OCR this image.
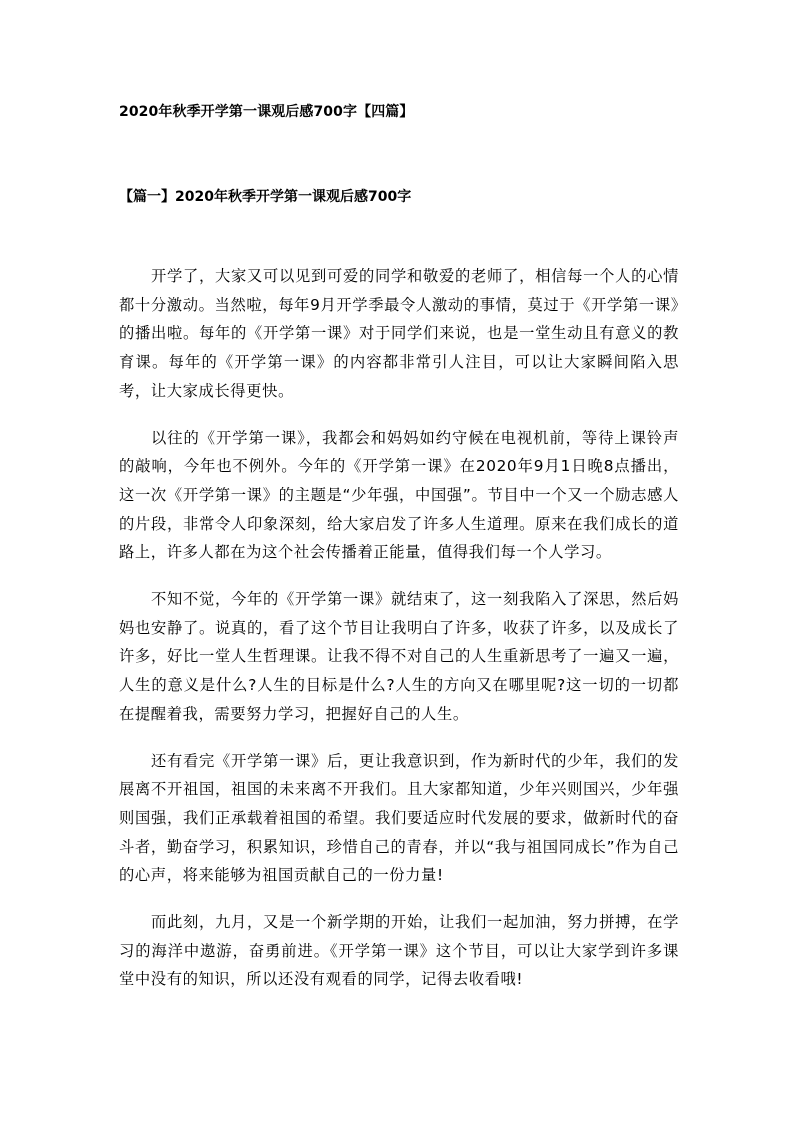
2020年秋季开学第一课观后感700字【四篇】
【篇一】2020年秋季开学第一课观后感700字

开学了，大家又可以见到可爱的同学和敬爱的老师了，相信每一个人的心情都十分激动。当然啦，每年9月开学季最令人激动的事情，莫过于《开学第一课》的播出啦。每年的《开学第一课》对于同学们来说，也是一堂生动且有意义的教育课。每年的《开学第一课》的内容都非常引人注目，可以让大家瞬间陷入思考，让大家成长得更快。

以往的《开学第一课》，我都会和妈妈如约守候在电视机前，等待上课铃声的敲响，今年也不例外。今年的《开学第一课》在2020年9月1日晚8点播出，这一次《开学第一课》的主题是“少年强，中国强”。节目中一个又一个励志感人的片段，非常令人印象深刻，给大家启发了许多人生道理。原来在我们成长的道路上，许多人都在为这个社会传播着正能量，值得我们每一个人学习。

不知不觉，今年的《开学第一课》就结束了，这一刻我陷入了深思，然后妈妈也安静了。说真的，看了这个节目让我明白了许多，收获了许多，以及成长了许多，好比一堂人生哲理课。让我不得不对自己的人生重新思考了一遍又一遍，人生的意义是什么?人生的目标是什么?人生的方向又在哪里呢?这一切的一切都在提醒着我，需要努力学习，把握好自己的人生。

还有看完《开学第一课》后，更让我意识到，作为新时代的少年，我们的发展离不开祖国，祖国的未来离不开我们。且大家都知道，少年兴则国兴，少年强则国强，我们正承载着祖国的希望。我们要适应时代发展的要求，做新时代的奋斗者，勤奋学习，积累知识，珍惜自己的青春，并以“我与祖国同成长”作为自己的心声，将来能够为祖国贡献自己的一份力量!

而此刻，九月，又是一个新学期的开始，让我们一起加油，努力拼搏，在学习的海洋中遨游，奋勇前进。《开学第一课》这个节目，可以让大家学到许多课堂中没有的知识，所以还没有观看的同学，记得去收看哦!
